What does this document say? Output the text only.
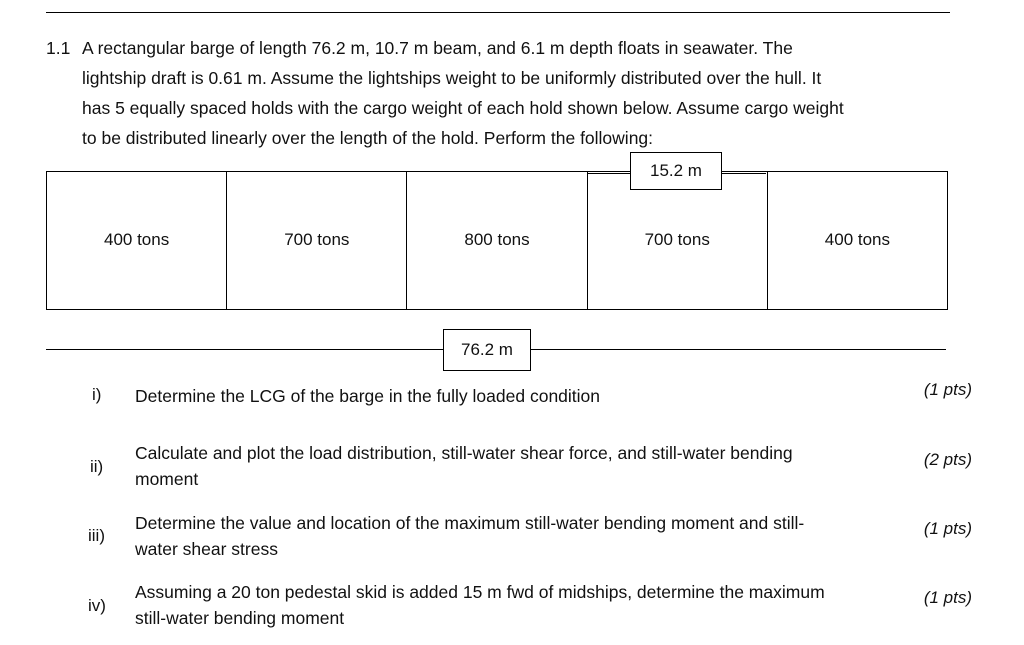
1.1 A rectangular barge of length 76.2 m, 10.7 m beam, and 6.1 m depth floats in seawater. The
lightship draft is 0.61 m. Assume the lightships weight to be uniformly distributed over the hull. It
has 5 equally spaced holds with the cargo weight of each hold shown below. Assume cargo weight
to be distributed linearly over the length of the hold. Perform the following:
400 tons	700 tons	800 tons	700 tons	400 tons
15.2 m
76.2 m
i) Determine the LCG of the barge in the fully loaded condition	(1 pts)
ii)
Calculate and plot the load distribution, still-water shear force, and still-water bending moment
(2 pts)
iii)
Determine the value and location of the maximum still-water bending moment and still-water shear stress
(1 pts)
iv)
Assuming a 20 ton pedestal skid is added 15 m fwd of midships, determine the maximum still-water bending moment
(1 pts)
